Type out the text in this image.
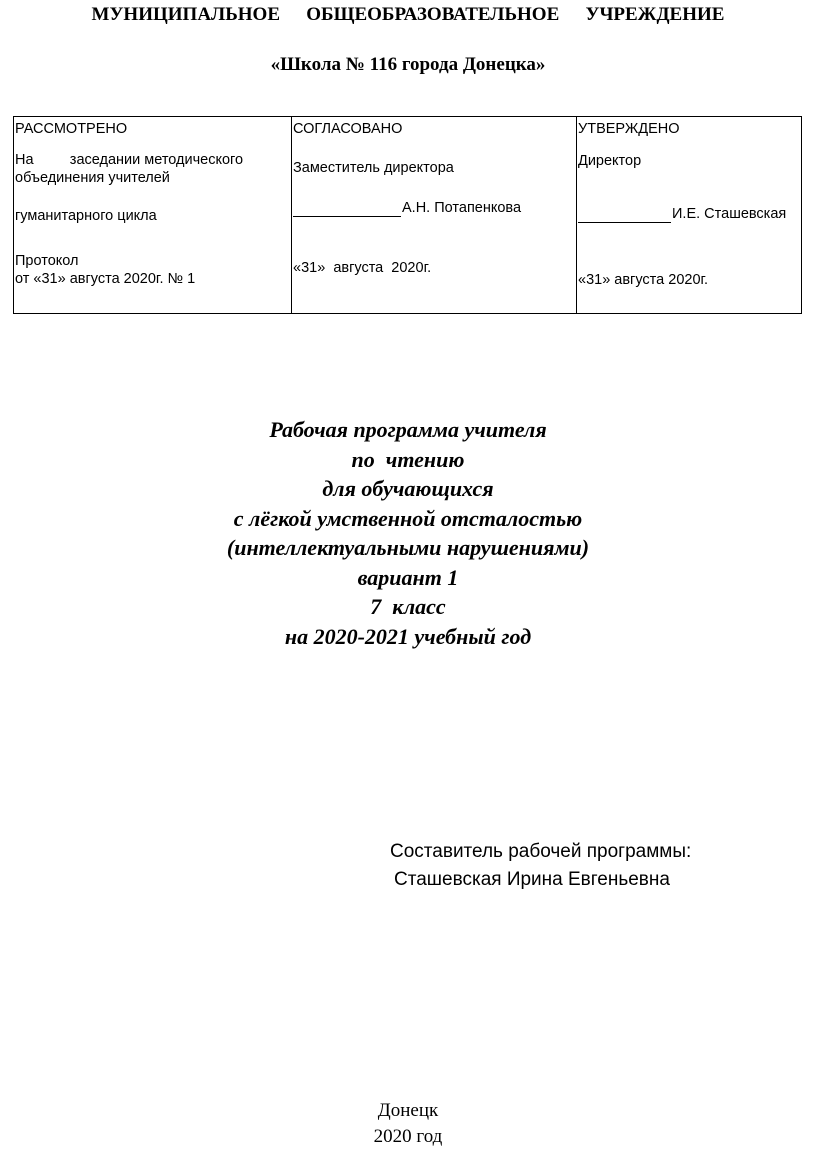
МУНИЦИПАЛЬНОЕ   ОБЩЕОБРАЗОВАТЕЛЬНОЕ   УЧРЕЖДЕНИЕ
«Школа № 116 города Донецка»
РАССМОТРЕНО
На         заседании методического
объединения учителей
гуманитарного цикла
Протокол
от «31» августа 2020г. № 1
СОГЛАСОВАНО
Заместитель директора
А.Н. Потапенкова
«31»  августа  2020г.
УТВЕРЖДЕНО
Директор
И.Е. Сташевская
«31» августа 2020г.
Рабочая программа учителя
по  чтению
для обучающихся
с лёгкой умственной отсталостью
(интеллектуальными нарушениями)
вариант 1
7  класс
на 2020-2021 учебный год
Составитель рабочей программы:
Сташевская Ирина Евгеньевна
Донецк
2020 год
